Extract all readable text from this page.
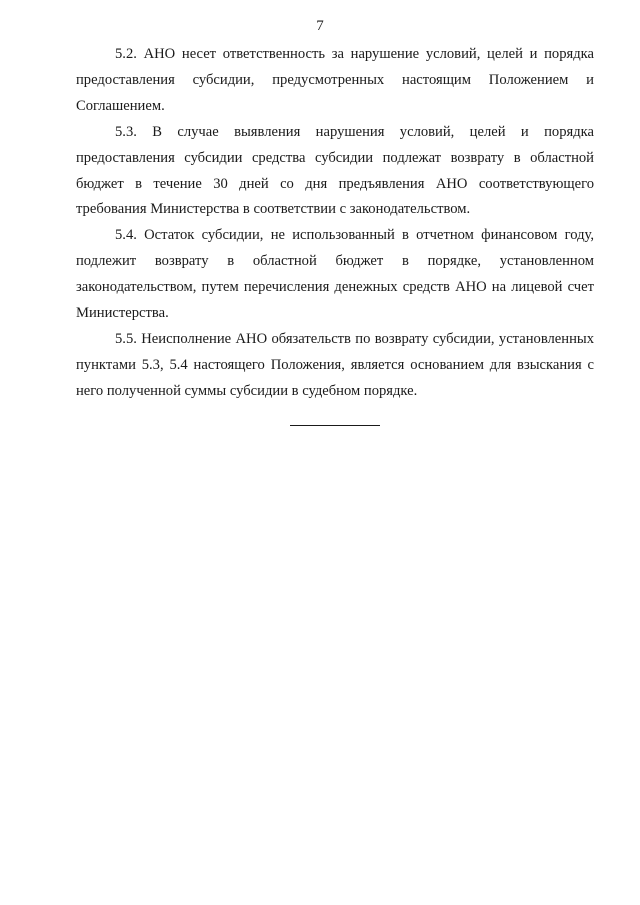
7

5.2. АНО несет ответственность за нарушение условий, целей и порядка предоставления субсидии, предусмотренных настоящим Положением и Соглашением.

5.3. В случае выявления нарушения условий, целей и порядка предоставления субсидии средства субсидии подлежат возврату в областной бюджет в течение 30 дней со дня предъявления АНО соответствующего требования Министерства в соответствии с законодательством.

5.4. Остаток субсидии, не использованный в отчетном финансовом году, подлежит возврату в областной бюджет в порядке, установленном законодательством, путем перечисления денежных средств АНО на лицевой счет Министерства.

5.5. Неисполнение АНО обязательств по возврату субсидии, установленных пунктами 5.3, 5.4 настоящего Положения, является основанием для взыскания с него полученной суммы субсидии в судебном порядке.
